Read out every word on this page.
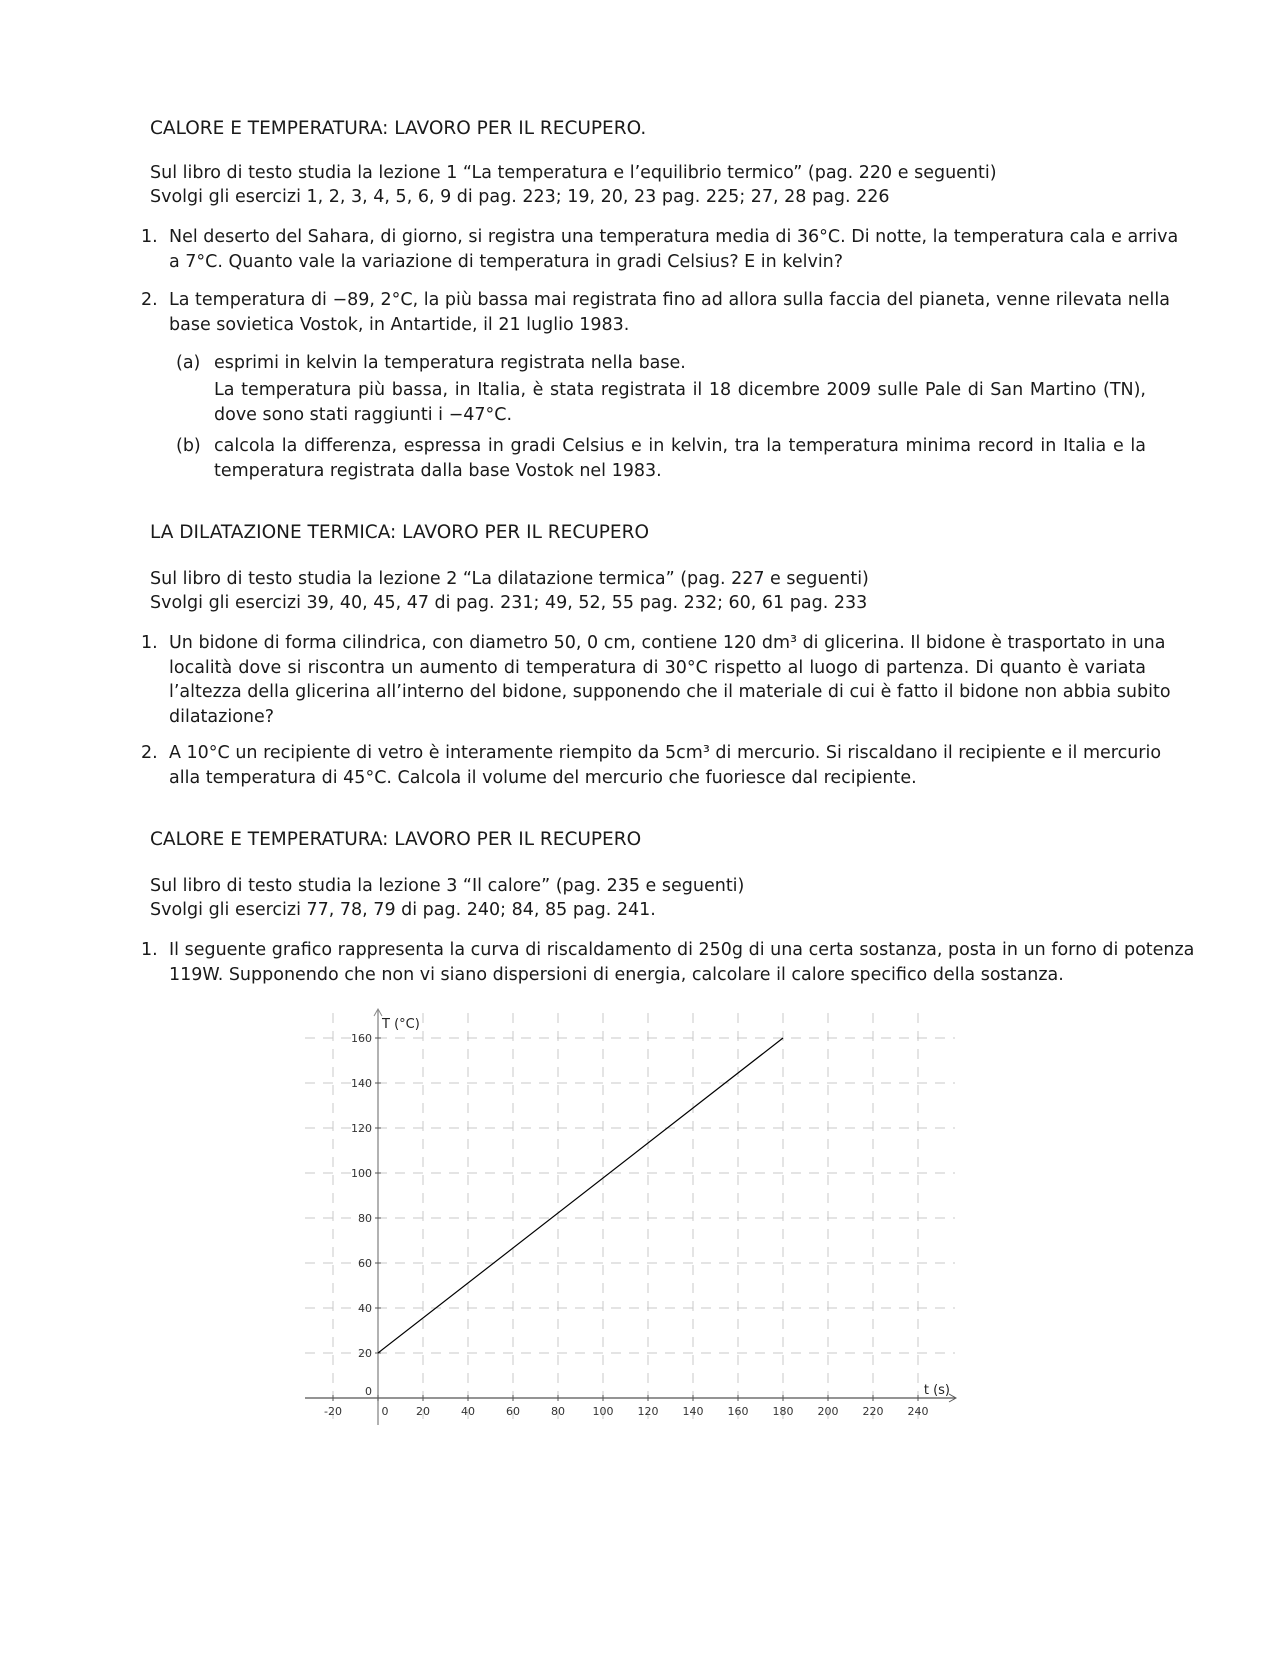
CALORE E TEMPERATURA: LAVORO PER IL RECUPERO.
Sul libro di testo studia la lezione 1 “La temperatura e l’equilibrio termico” (pag. 220 e seguenti)
Svolgi gli esercizi 1, 2, 3, 4, 5, 6, 9 di pag. 223; 19, 20, 23 pag. 225; 27, 28 pag. 226
1. Nel deserto del Sahara, di giorno, si registra una temperatura media di 36°C. Di notte, la temperatura cala e arriva
a 7°C. Quanto vale la variazione di temperatura in gradi Celsius? E in kelvin?
2. La temperatura di −89, 2°C, la più bassa mai registrata fino ad allora sulla faccia del pianeta, venne rilevata nella
base sovietica Vostok, in Antartide, il 21 luglio 1983.
(a) esprimi in kelvin la temperatura registrata nella base.
La temperatura più bassa, in Italia, è stata registrata il 18 dicembre 2009 sulle Pale di San Martino (TN),
dove sono stati raggiunti i −47°C.
(b) calcola la differenza, espressa in gradi Celsius e in kelvin, tra la temperatura minima record in Italia e la
temperatura registrata dalla base Vostok nel 1983.
LA DILATAZIONE TERMICA: LAVORO PER IL RECUPERO
Sul libro di testo studia la lezione 2 “La dilatazione termica” (pag. 227 e seguenti)
Svolgi gli esercizi 39, 40, 45, 47 di pag. 231; 49, 52, 55 pag. 232; 60, 61 pag. 233
1. Un bidone di forma cilindrica, con diametro 50, 0 cm, contiene 120 dm³ di glicerina. Il bidone è trasportato in una
località dove si riscontra un aumento di temperatura di 30°C rispetto al luogo di partenza. Di quanto è variata
l’altezza della glicerina all’interno del bidone, supponendo che il materiale di cui è fatto il bidone non abbia subito
dilatazione?
2. A 10°C un recipiente di vetro è interamente riempito da 5cm³ di mercurio. Si riscaldano il recipiente e il mercurio
alla temperatura di 45°C. Calcola il volume del mercurio che fuoriesce dal recipiente.
CALORE E TEMPERATURA: LAVORO PER IL RECUPERO
Sul libro di testo studia la lezione 3 “Il calore” (pag. 235 e seguenti)
Svolgi gli esercizi 77, 78, 79 di pag. 240; 84, 85 pag. 241.
1. Il seguente grafico rappresenta la curva di riscaldamento di 250g di una certa sostanza, posta in un forno di potenza
119W. Supponendo che non vi siano dispersioni di energia, calcolare il calore specifico della sostanza.
-20	0	20	40	60	80	100 120 140 160 180 200 220 240
0
20
40
60
80
100
120
140
160
T (°C)
t (s)
